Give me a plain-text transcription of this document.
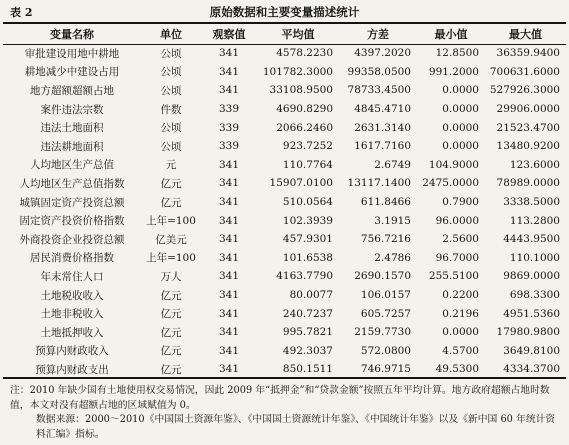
表 2	原始数据和主要变量描述统计
变量名称	单位	观察值	平均值	方差	最小值	最大值
审批建设用地中耕地	公顷	341	4578.2230	4397.2020	12.8500	36359.9400
耕地减少中建设占用	公顷	341	101782.3000	99358.0500	991.2000	700631.6000
地方超额超额占地	公顷	341	33108.9500	78733.4500	0.0000	527926.3000
案件违法宗数	件数	339	4690.8290	4845.4710	0.0000	29906.0000
违法土地面积	公顷	339	2066.2460	2631.3140	0.0000	21523.4700
违法耕地面积	公顷	339	923.7252	1617.7160	0.0000	13480.9200
人均地区生产总值	元	341	110.7764	2.6749	104.9000	123.6000
人均地区生产总值指数	亿元	341	15907.0100	13117.1400	2475.0000	78989.0000
城镇固定资产投资总额	亿元	341	510.0564	611.8466	0.7900	3338.5000
固定资产投资价格指数	上年=100	341	102.3939	3.1915	96.0000	113.2800
外商投资企业投资总额	亿美元	341	457.9301	756.7216	2.5600	4443.9500
居民消费价格指数	上年=100	341	101.6538	2.4786	96.7000	110.1000
年末常住人口	万人	341	4163.7790	2690.1570	255.5100	9869.0000
土地税收收入	亿元	341	80.0077	106.0157	0.2200	698.3300
土地非税收入	亿元	341	240.7237	605.7257	0.2196	4951.5360
土地抵押收入	亿元	341	995.7821	2159.7730	0.0000	17980.9800
预算内财政收入	亿元	341	492.3037	572.0800	4.5700	3649.8100
预算内财政支出	亿元	341	850.1511	746.9715	49.5300	4334.3700

注：2010 年缺少国有土地使用权交易情况，因此 2009 年“抵押金”和“贷款金额”按照五年平均计算。地方政府超额占地时数值，本文对没有超额占地的区域赋值为 0。

数据来源：2000～2010《中国国土资源年鉴》、《中国国土资源统计年鉴》、《中国统计年鉴》以及《新中国 60 年统计资料汇编》指标。
